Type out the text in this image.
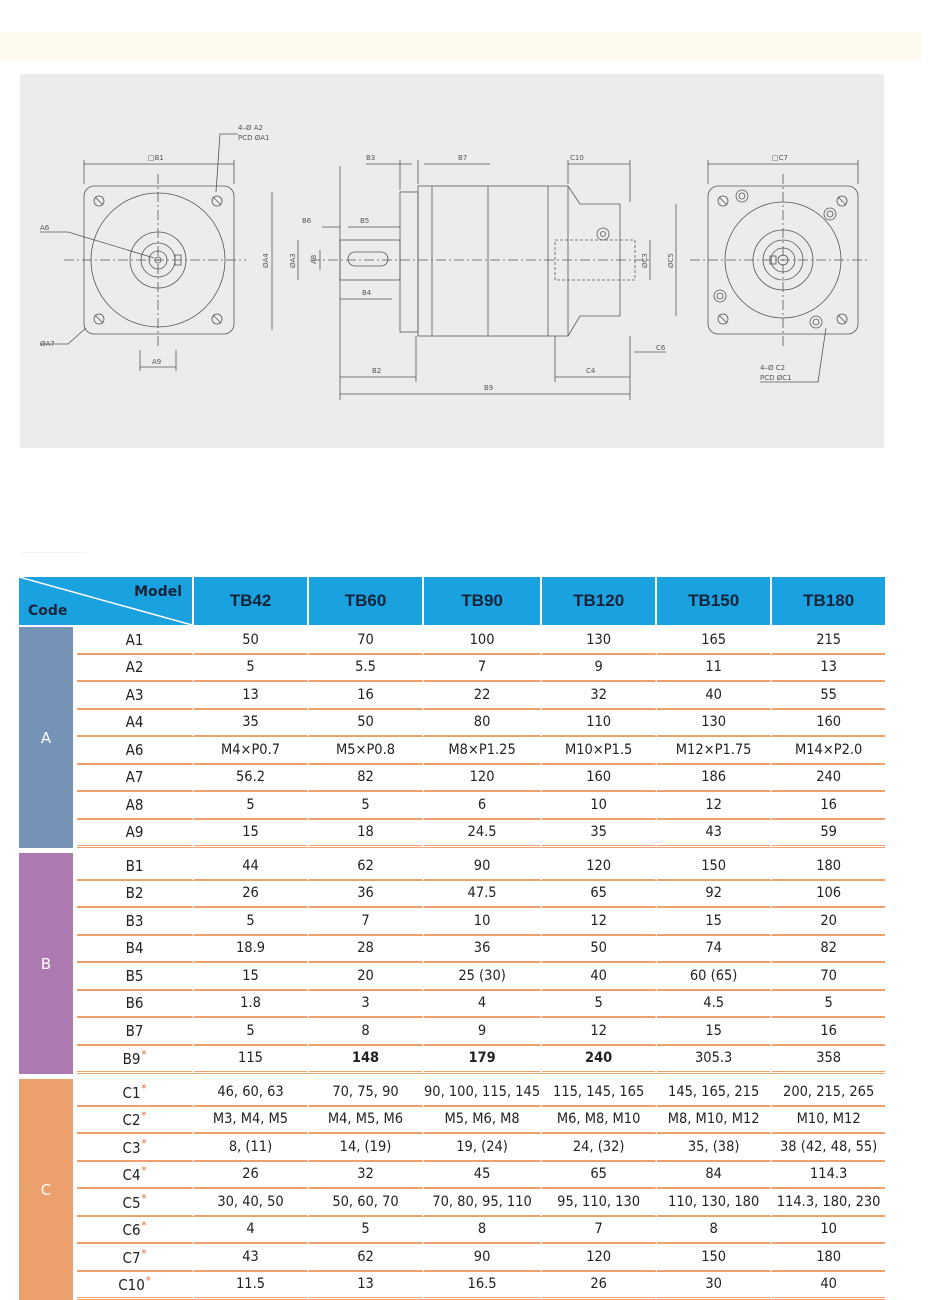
□B1
4–Ø A2
PCD ØA1
A6
ØA7
A9
B3	B7	C10
B6	B5
ØA4	ØA3 A8
B4
ØC3	ØC5
C6
C4
B2
B9
□C7
4–Ø C2
PCD ØC1
Model
Code		TB42	TB60	TB90	TB120	TB150	TB180
A	A1	50	70	100	130	165	215
	A2	5	5.5	7	9	11	13
	A3	13	16	22	32	40	55
	A4	35	50	80	110	130	160
	A6	M4×P0.7	M5×P0.8	M8×P1.25	M10×P1.5	M12×P1.75	M14×P2.0
	A7	56.2	82	120	160	186	240
	A8	5	5	6	10	12	16
	A9	15	18	24.5	35	43	59

B	B1	44	62	90	120	150	180
	B2	26	36	47.5	65	92	106
	B3	5	7	10	12	15	20
	B4	18.9	28	36	50	74	82
	B5	15	20	25 (30)	40	60 (65)	70
	B6	1.8	3	4	5	4.5	5
	B7	5	8	9	12	15	16
	B9*	115	148	179	240	305.3	358

C	C1*	46, 60, 63	70, 75, 90	90, 100, 115, 145	115, 145, 165	145, 165, 215	200, 215, 265
	C2*	M3, M4, M5	M4, M5, M6	M5, M6, M8	M6, M8, M10	M8, M10, M12	M10, M12
	C3*	8, (11)	14, (19)	19, (24)	24, (32)	35, (38)	38 (42, 48, 55)
	C4*	26	32	45	65	84	114.3
	C5*	30, 40, 50	50, 60, 70	70, 80, 95, 110	95, 110, 130	110, 130, 180	114.3, 180, 230
	C6*	4	5	8	7	8	10
	C7*	43	62	90	120	150	180
	C10*	11.5	13	16.5	26	30	40
